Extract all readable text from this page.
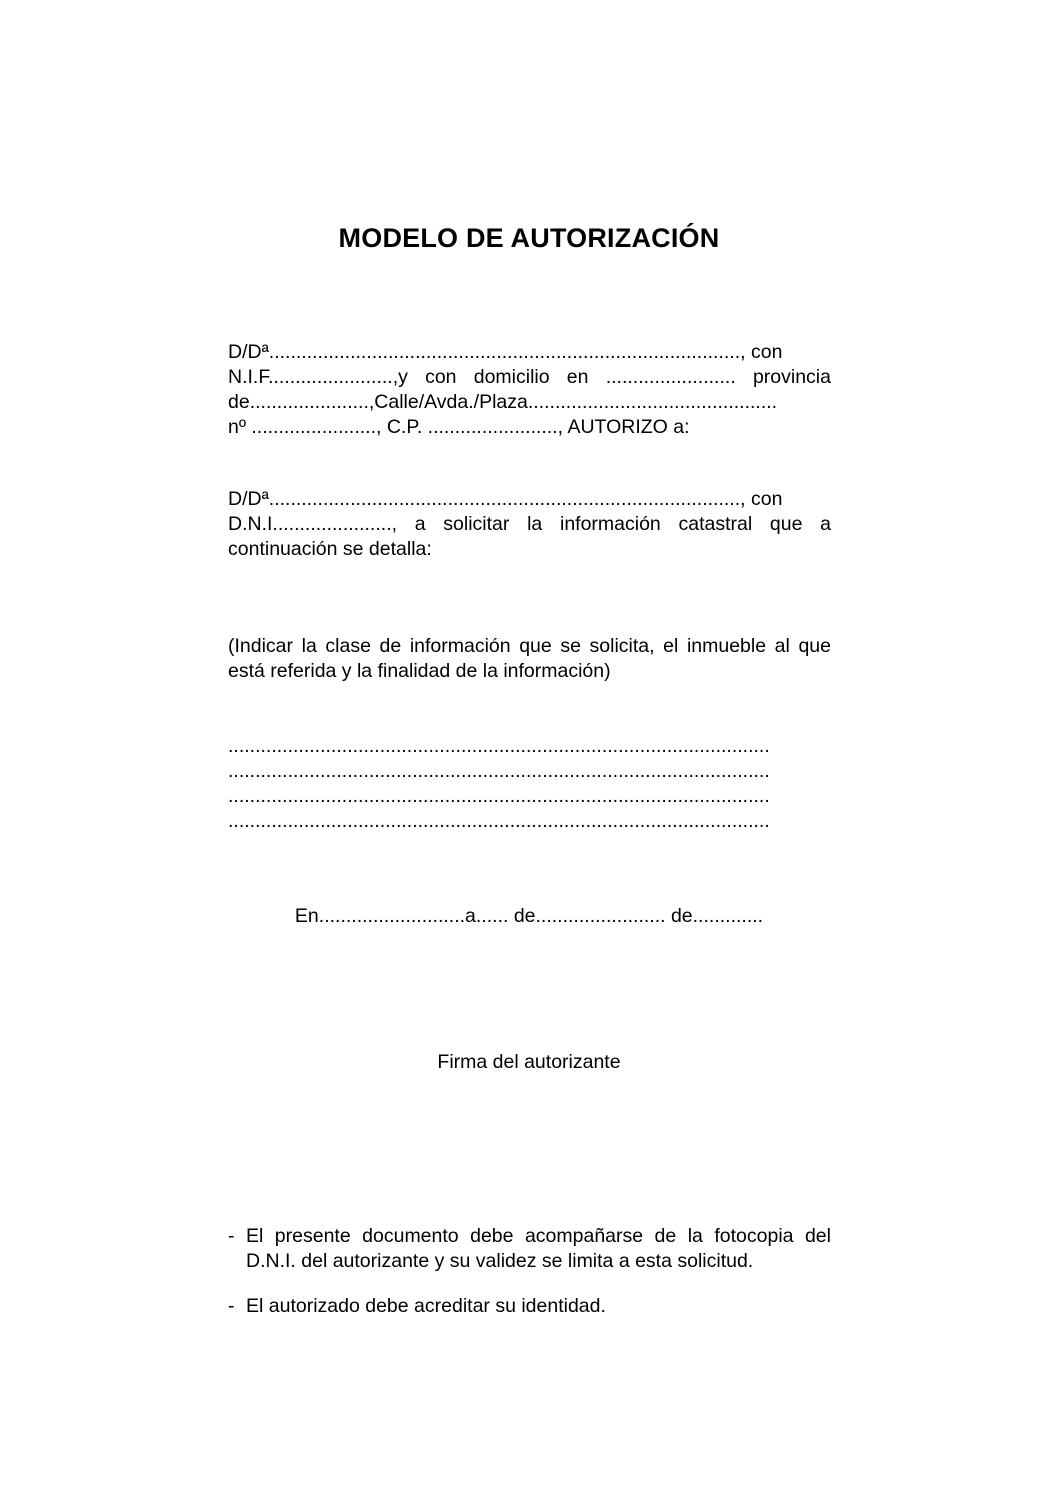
MODELO DE AUTORIZACIÓN
D/Dª......................................................................................., con
N.I.F.......................,y con domicilio en ........................ provincia
de......................,Calle/Avda./Plaza..............................................
nº ......................., C.P. ........................, AUTORIZO a:
D/Dª......................................................................................., con
D.N.I......................, a solicitar la información catastral que a
continuación se detalla:
(Indicar la clase de información que se solicita, el inmueble al que está referida y la finalidad de la información)
....................................................................................................
....................................................................................................
....................................................................................................
....................................................................................................
En...........................a...... de........................ de.............
Firma del autorizante
- El presente documento debe acompañarse de la fotocopia del D.N.I. del autorizante y su validez se limita a esta solicitud.
- El autorizado debe acreditar su identidad.
